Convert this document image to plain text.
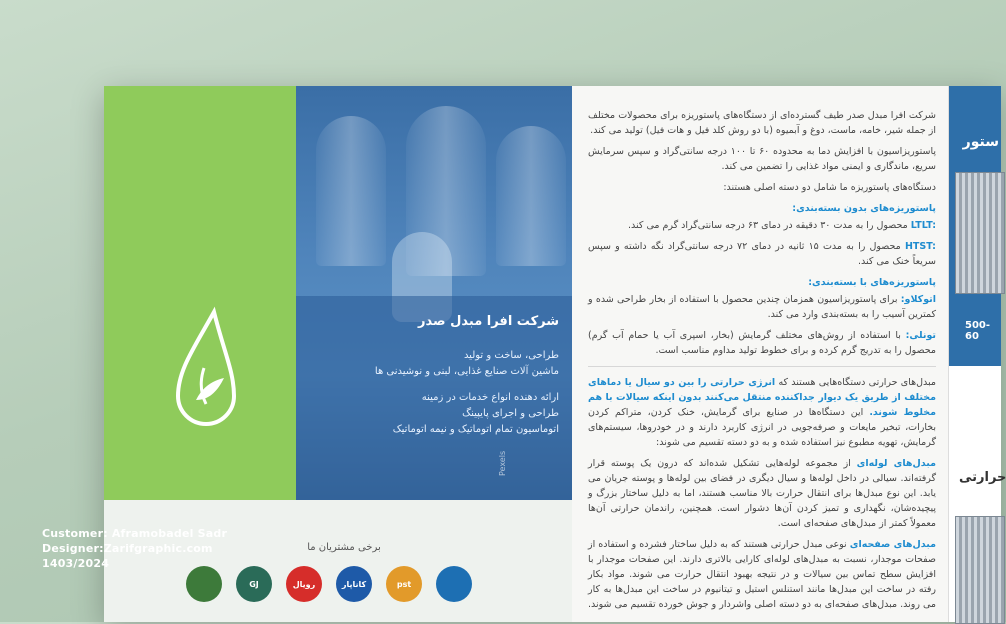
شرکت افرا مبدل صدر
طراحی، ساخت و تولید
ماشین آلات صنایع غذایی، لبنی و نوشیدنی ها
ارائه دهنده انواع خدمات در زمینه
طراحی و اجرای پایپینگ
اتوماسیون تمام اتوماتیک و نیمه اتوماتیک
Pexels
برخی مشتریان ما
GJ	رویال	کاناپار	pst

شرکت افرا مبدل صدر طیف گسترده‌ای از دستگاه‌های پاستوریزه برای محصولات مختلف از جمله شیر، خامه، ماست، دوغ و آبمیوه (با دو روش کلد فیل و هات فیل) تولید می کند.

پاستوریزاسیون با افزایش دما به محدوده ۶۰ تا ۱۰۰ درجه سانتی‌گراد و سپس سرمایش سریع، ماندگاری و ایمنی مواد غذایی را تضمین می کند.

دستگاه‌های پاستوریزه ما شامل دو دسته اصلی هستند:

پاستوریزه‌های بدون بسته‌بندی:

LTLT: محصول را به مدت ۳۰ دقیقه در دمای ۶۳ درجه سانتی‌گراد گرم می کند.

HTST: محصول را به مدت ۱۵ ثانیه در دمای ۷۲ درجه سانتی‌گراد نگه داشته و سپس سریعاً خنک می کند.

پاستوریزه‌های با بسته‌بندی:

اتوکلاو: برای پاستوریزاسیون همزمان چندین محصول با استفاده از بخار طراحی شده و کمترین آسیب را به بسته‌بندی وارد می کند.

تونلی: با استفاده از روش‌های مختلف گرمایش (بخار، اسپری آب یا حمام آب گرم) محصول را به تدریج گرم کرده و برای خطوط تولید مداوم مناسب است.

مبدل‌های حرارتی دستگاه‌هایی هستند که انرژی حرارتی را بین دو سیال یا دماهای مختلف از طریق یک دیوار جداکننده منتقل می‌کنند بدون اینکه سیالات با هم مخلوط شوند. این دستگاه‌ها در صنایع برای گرمایش، خنک کردن، متراکم کردن بخارات، تبخیر مایعات و صرفه‌جویی در انرژی کاربرد دارند و در خودروها، سیستم‌های گرمایش، تهویه مطبوع نیز استفاده شده و به دو دسته تقسیم می شوند:

مبدل‌های لوله‌ای از مجموعه لوله‌هایی تشکیل شده‌اند که درون یک پوسته قرار گرفته‌اند. سیالی در داخل لوله‌ها و سیال دیگری در فضای بین لوله‌ها و پوسته جریان می یابد. این نوع مبدل‌ها برای انتقال حرارت بالا مناسب هستند، اما به دلیل ساختار بزرگ و پیچیده‌شان، نگهداری و تمیز کردن آن‌ها دشوار است. همچنین، راندمان حرارتی آن‌ها معمولاً کمتر از مبدل‌های صفحه‌ای است.

مبدل‌های صفحه‌ای نوعی مبدل حرارتی هستند که به دلیل ساختار فشرده و استفاده از صفحات موجدار، نسبت به مبدل‌های لوله‌ای کارایی بالاتری دارند. این صفحات موجدار با افزایش سطح تماس بین سیالات و در نتیجه بهبود انتقال حرارت می شوند. مواد بکار رفته در ساخت این مبدل‌ها مانند استنلس استیل و تیتانیوم در ساخت این مبدل‌ها به کار می روند. مبدل‌های صفحه‌ای به دو دسته اصلی واشردار و جوش خورده تقسیم می شوند.

ستور
500-60
حرارتی
Customer: Aframobadel Sadr
Designer:Zarifgraphic.com
1403/2024
